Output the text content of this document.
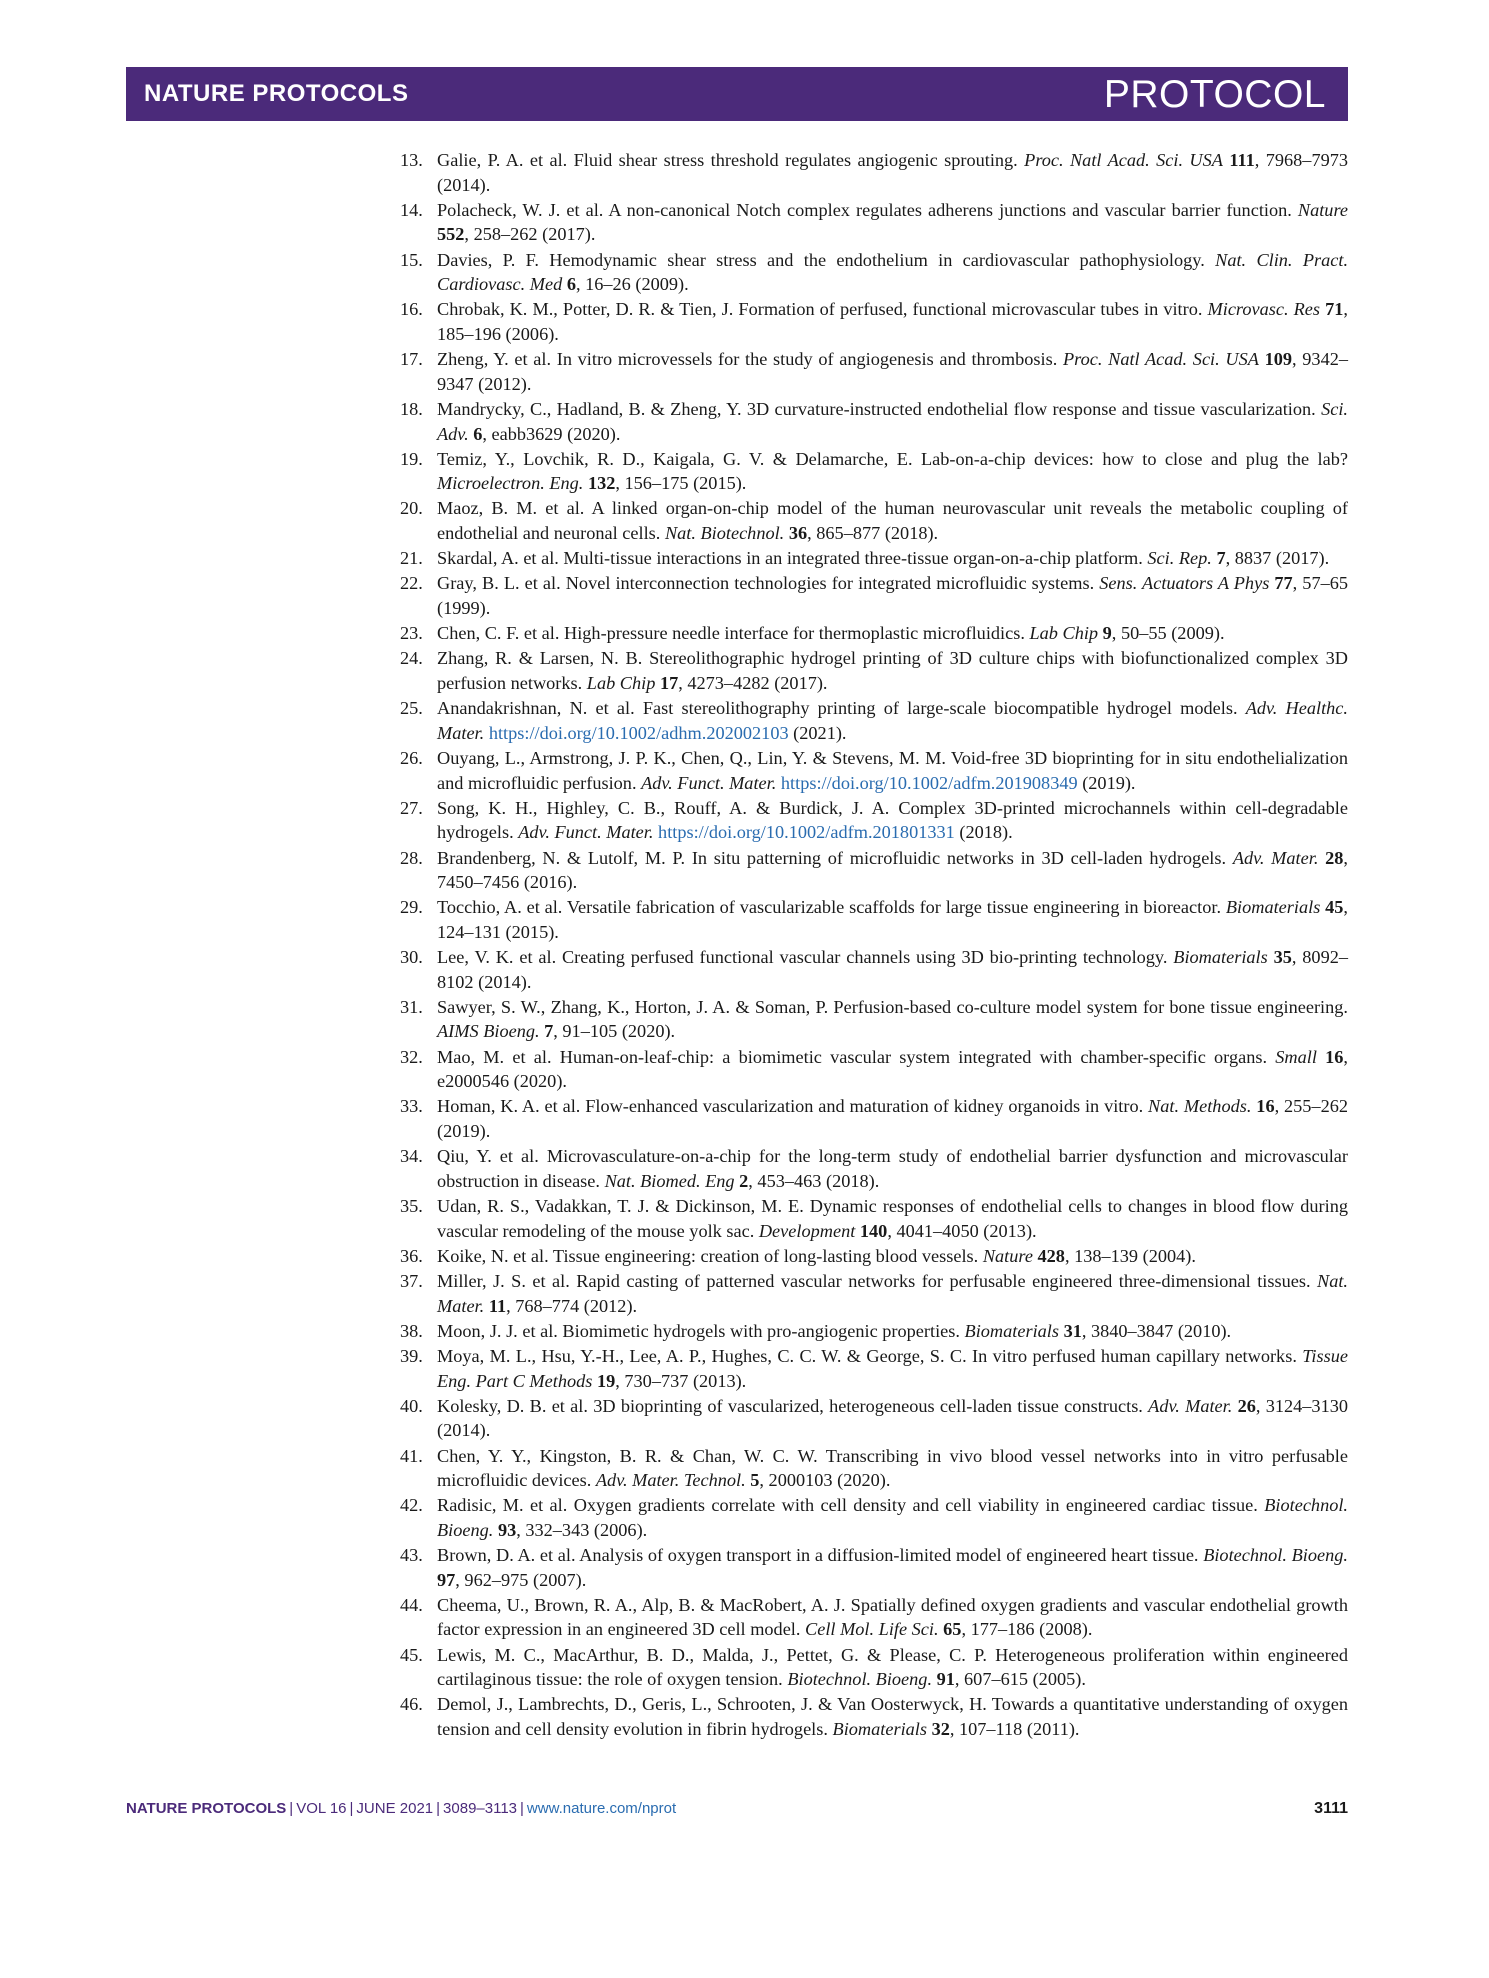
NATURE PROTOCOLS	PROTOCOL
13. Galie, P. A. et al. Fluid shear stress threshold regulates angiogenic sprouting. Proc. Natl Acad. Sci. USA 111, 7968–7973 (2014).
14. Polacheck, W. J. et al. A non-canonical Notch complex regulates adherens junctions and vascular barrier function. Nature 552, 258–262 (2017).
15. Davies, P. F. Hemodynamic shear stress and the endothelium in cardiovascular pathophysiology. Nat. Clin. Pract. Cardiovasc. Med 6, 16–26 (2009).
16. Chrobak, K. M., Potter, D. R. & Tien, J. Formation of perfused, functional microvascular tubes in vitro. Microvasc. Res 71, 185–196 (2006).
17. Zheng, Y. et al. In vitro microvessels for the study of angiogenesis and thrombosis. Proc. Natl Acad. Sci. USA 109, 9342–9347 (2012).
18. Mandrycky, C., Hadland, B. & Zheng, Y. 3D curvature-instructed endothelial flow response and tissue vascularization. Sci. Adv. 6, eabb3629 (2020).
19. Temiz, Y., Lovchik, R. D., Kaigala, G. V. & Delamarche, E. Lab-on-a-chip devices: how to close and plug the lab? Microelectron. Eng. 132, 156–175 (2015).
20. Maoz, B. M. et al. A linked organ-on-chip model of the human neurovascular unit reveals the metabolic coupling of endothelial and neuronal cells. Nat. Biotechnol. 36, 865–877 (2018).
21. Skardal, A. et al. Multi-tissue interactions in an integrated three-tissue organ-on-a-chip platform. Sci. Rep. 7, 8837 (2017).
22. Gray, B. L. et al. Novel interconnection technologies for integrated microfluidic systems. Sens. Actuators A Phys 77, 57–65 (1999).
23. Chen, C. F. et al. High-pressure needle interface for thermoplastic microfluidics. Lab Chip 9, 50–55 (2009).
24. Zhang, R. & Larsen, N. B. Stereolithographic hydrogel printing of 3D culture chips with biofunctionalized complex 3D perfusion networks. Lab Chip 17, 4273–4282 (2017).
25. Anandakrishnan, N. et al. Fast stereolithography printing of large-scale biocompatible hydrogel models. Adv. Healthc. Mater. https://doi.org/10.1002/adhm.202002103 (2021).
26. Ouyang, L., Armstrong, J. P. K., Chen, Q., Lin, Y. & Stevens, M. M. Void-free 3D bioprinting for in situ endothelialization and microfluidic perfusion. Adv. Funct. Mater. https://doi.org/10.1002/adfm.201908349 (2019).
27. Song, K. H., Highley, C. B., Rouff, A. & Burdick, J. A. Complex 3D-printed microchannels within cell-degradable hydrogels. Adv. Funct. Mater. https://doi.org/10.1002/adfm.201801331 (2018).
28. Brandenberg, N. & Lutolf, M. P. In situ patterning of microfluidic networks in 3D cell-laden hydrogels. Adv. Mater. 28, 7450–7456 (2016).
29. Tocchio, A. et al. Versatile fabrication of vascularizable scaffolds for large tissue engineering in bioreactor. Biomaterials 45, 124–131 (2015).
30. Lee, V. K. et al. Creating perfused functional vascular channels using 3D bio-printing technology. Biomaterials 35, 8092–8102 (2014).
31. Sawyer, S. W., Zhang, K., Horton, J. A. & Soman, P. Perfusion-based co-culture model system for bone tissue engineering. AIMS Bioeng. 7, 91–105 (2020).
32. Mao, M. et al. Human-on-leaf-chip: a biomimetic vascular system integrated with chamber-specific organs. Small 16, e2000546 (2020).
33. Homan, K. A. et al. Flow-enhanced vascularization and maturation of kidney organoids in vitro. Nat. Methods. 16, 255–262 (2019).
34. Qiu, Y. et al. Microvasculature-on-a-chip for the long-term study of endothelial barrier dysfunction and microvascular obstruction in disease. Nat. Biomed. Eng 2, 453–463 (2018).
35. Udan, R. S., Vadakkan, T. J. & Dickinson, M. E. Dynamic responses of endothelial cells to changes in blood flow during vascular remodeling of the mouse yolk sac. Development 140, 4041–4050 (2013).
36. Koike, N. et al. Tissue engineering: creation of long-lasting blood vessels. Nature 428, 138–139 (2004).
37. Miller, J. S. et al. Rapid casting of patterned vascular networks for perfusable engineered three-dimensional tissues. Nat. Mater. 11, 768–774 (2012).
38. Moon, J. J. et al. Biomimetic hydrogels with pro-angiogenic properties. Biomaterials 31, 3840–3847 (2010).
39. Moya, M. L., Hsu, Y.-H., Lee, A. P., Hughes, C. C. W. & George, S. C. In vitro perfused human capillary networks. Tissue Eng. Part C Methods 19, 730–737 (2013).
40. Kolesky, D. B. et al. 3D bioprinting of vascularized, heterogeneous cell-laden tissue constructs. Adv. Mater. 26, 3124–3130 (2014).
41. Chen, Y. Y., Kingston, B. R. & Chan, W. C. W. Transcribing in vivo blood vessel networks into in vitro perfusable microfluidic devices. Adv. Mater. Technol. 5, 2000103 (2020).
42. Radisic, M. et al. Oxygen gradients correlate with cell density and cell viability in engineered cardiac tissue. Biotechnol. Bioeng. 93, 332–343 (2006).
43. Brown, D. A. et al. Analysis of oxygen transport in a diffusion-limited model of engineered heart tissue. Biotechnol. Bioeng. 97, 962–975 (2007).
44. Cheema, U., Brown, R. A., Alp, B. & MacRobert, A. J. Spatially defined oxygen gradients and vascular endothelial growth factor expression in an engineered 3D cell model. Cell Mol. Life Sci. 65, 177–186 (2008).
45. Lewis, M. C., MacArthur, B. D., Malda, J., Pettet, G. & Please, C. P. Heterogeneous proliferation within engineered cartilaginous tissue: the role of oxygen tension. Biotechnol. Bioeng. 91, 607–615 (2005).
46. Demol, J., Lambrechts, D., Geris, L., Schrooten, J. & Van Oosterwyck, H. Towards a quantitative understanding of oxygen tension and cell density evolution in fibrin hydrogels. Biomaterials 32, 107–118 (2011).
NATURE PROTOCOLS | VOL 16 | JUNE 2021 | 3089–3113 | www.nature.com/nprot	3111
